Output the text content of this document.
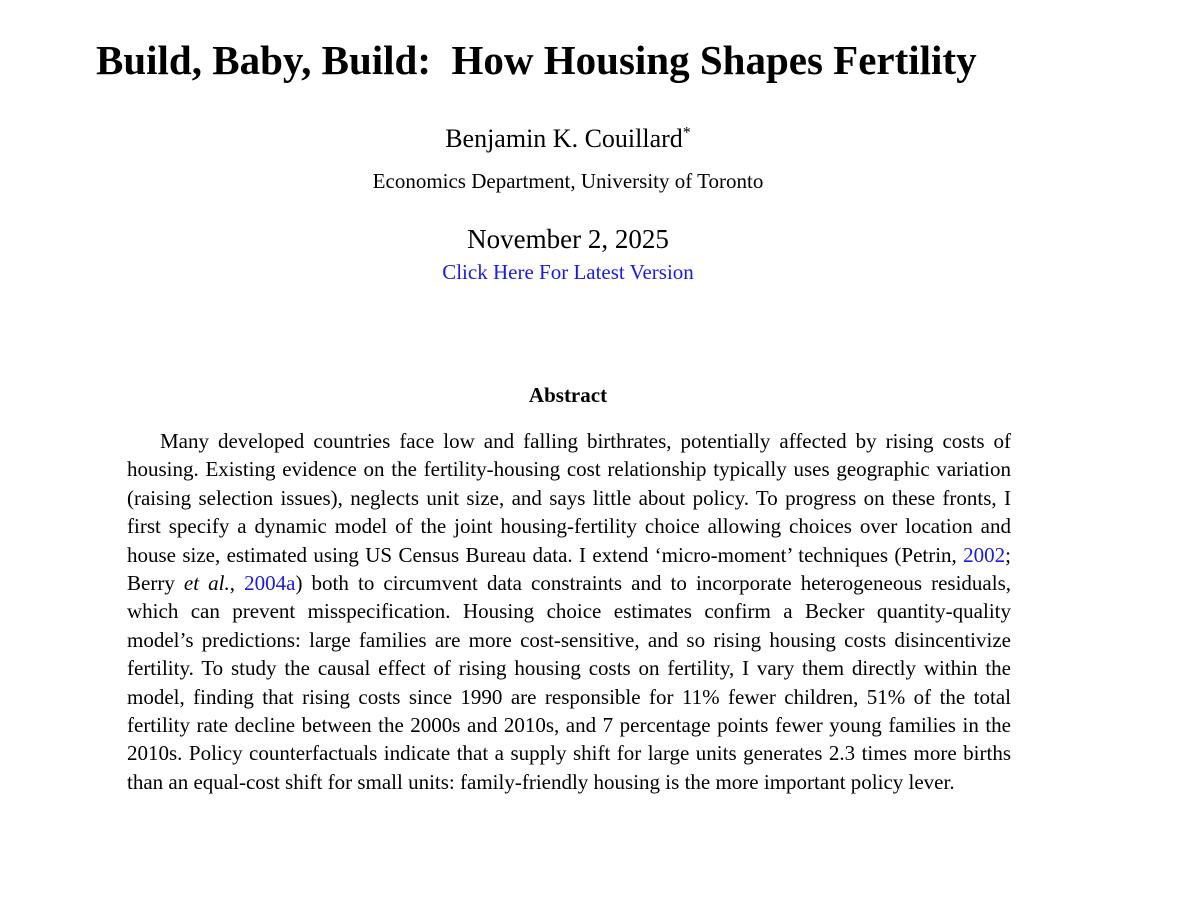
Build, Baby, Build: How Housing Shapes Fertility
Benjamin K. Couillard*
Economics Department, University of Toronto
November 2, 2025
Click Here For Latest Version
Abstract

Many developed countries face low and falling birthrates, potentially affected by rising costs of housing. Existing evidence on the fertility-housing cost relationship typically uses geographic variation (raising selection issues), neglects unit size, and says little about policy. To progress on these fronts, I first specify a dynamic model of the joint housing-fertility choice allowing choices over location and house size, estimated using US Census Bureau data. I extend ‘micro-moment’ techniques (Petrin, 2002; Berry et al., 2004a) both to circumvent data constraints and to incorporate heterogeneous residuals, which can prevent misspecification. Housing choice estimates confirm a Becker quantity-quality model’s predictions: large families are more cost-sensitive, and so rising housing costs disincentivize fertility. To study the causal effect of rising housing costs on fertility, I vary them directly within the model, finding that rising costs since 1990 are responsible for 11% fewer children, 51% of the total fertility rate decline between the 2000s and 2010s, and 7 percentage points fewer young families in the 2010s. Policy counterfactuals indicate that a supply shift for large units generates 2.3 times more births than an equal-cost shift for small units: family-friendly housing is the more important policy lever.
